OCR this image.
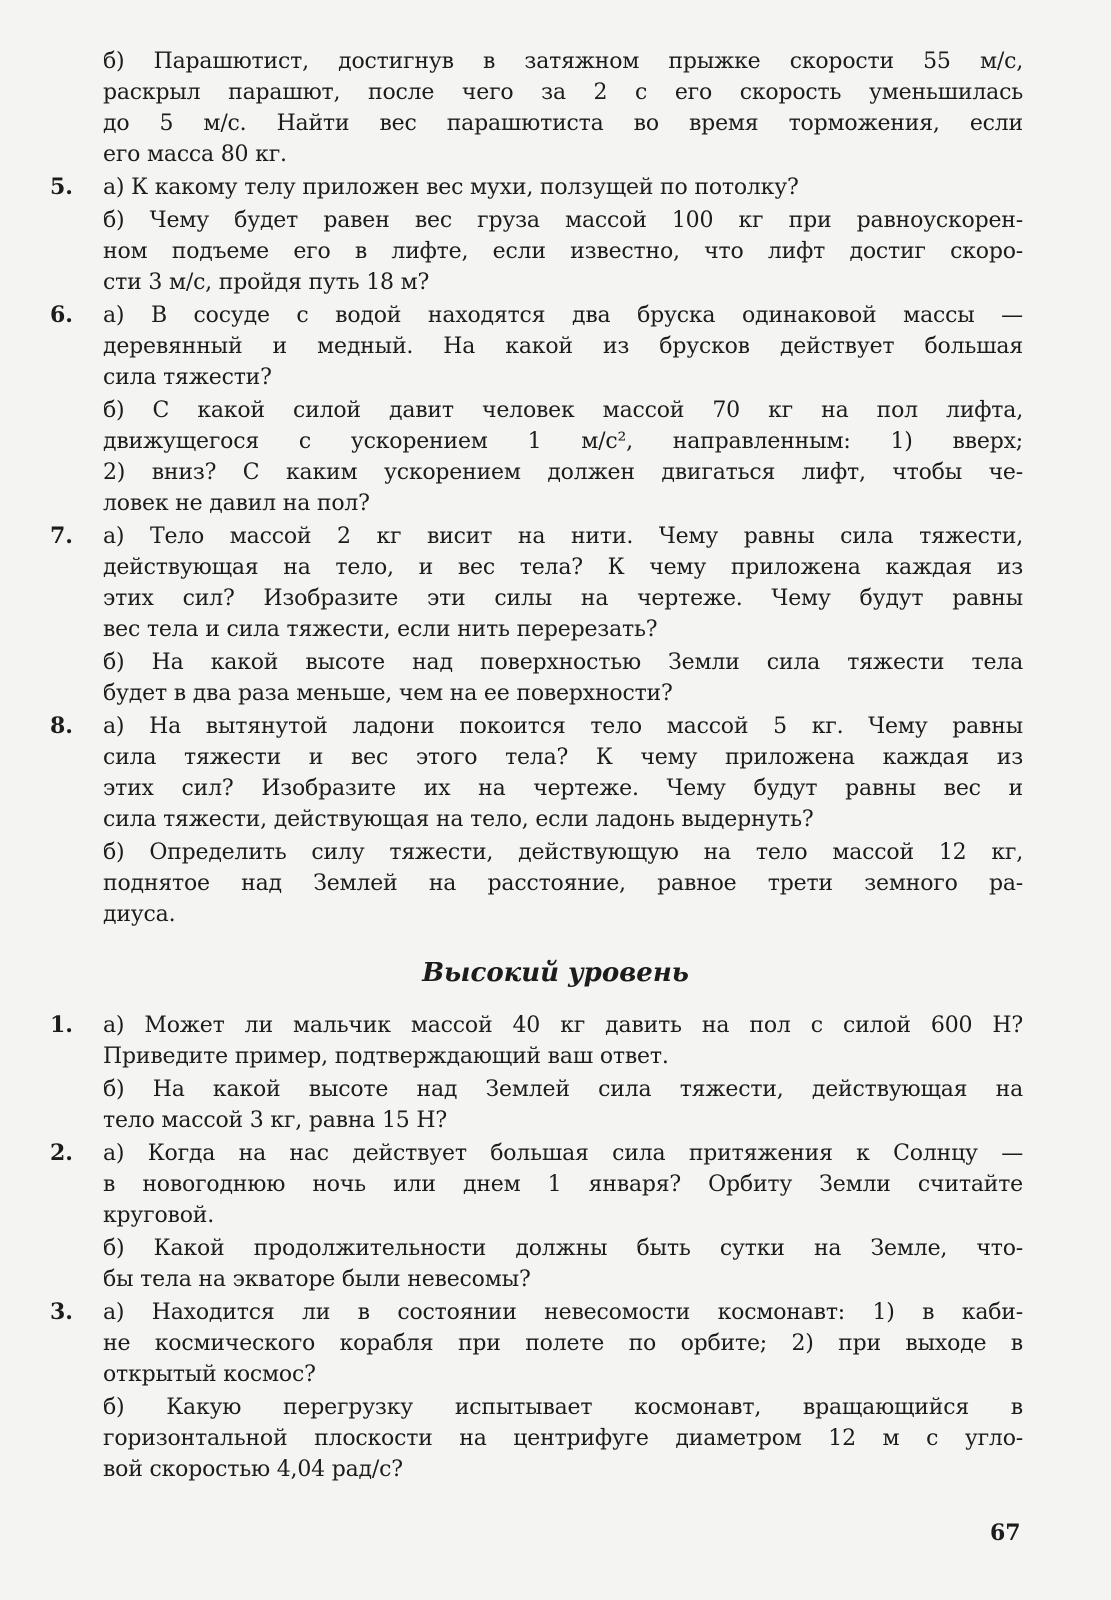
б) Парашютист, достигнув в затяжном прыжке скорости 55 м/с,
раскрыл парашют, после чего за 2 с его скорость уменьшилась
до 5 м/с. Найти вес парашютиста во время торможения, если
его масса 80 кг.
5. а) К какому телу приложен вес мухи, ползущей по потолку?
б) Чему будет равен вес груза массой 100 кг при равноускорен-
ном подъеме его в лифте, если известно, что лифт достиг скоро-
сти 3 м/с, пройдя путь 18 м?
6. а) В сосуде с водой находятся два бруска одинаковой массы —
деревянный и медный. На какой из брусков действует большая
сила тяжести?
б) С какой силой давит человек массой 70 кг на пол лифта,
движущегося с ускорением 1 м/с², направленным: 1) вверх;
2) вниз? С каким ускорением должен двигаться лифт, чтобы че-
ловек не давил на пол?
7. а) Тело массой 2 кг висит на нити. Чему равны сила тяжести,
действующая на тело, и вес тела? К чему приложена каждая из
этих сил? Изобразите эти силы на чертеже. Чему будут равны
вес тела и сила тяжести, если нить перерезать?
б) На какой высоте над поверхностью Земли сила тяжести тела
будет в два раза меньше, чем на ее поверхности?
8. а) На вытянутой ладони покоится тело массой 5 кг. Чему равны
сила тяжести и вес этого тела? К чему приложена каждая из
этих сил? Изобразите их на чертеже. Чему будут равны вес и
сила тяжести, действующая на тело, если ладонь выдернуть?
б) Определить силу тяжести, действующую на тело массой 12 кг,
поднятое над Землей на расстояние, равное трети земного ра-
диуса.
Высокий уровень
1. а) Может ли мальчик массой 40 кг давить на пол с силой 600 Н?
Приведите пример, подтверждающий ваш ответ.
б) На какой высоте над Землей сила тяжести, действующая на
тело массой 3 кг, равна 15 Н?
2. а) Когда на нас действует большая сила притяжения к Солнцу —
в новогоднюю ночь или днем 1 января? Орбиту Земли считайте
круговой.
б) Какой продолжительности должны быть сутки на Земле, что-
бы тела на экваторе были невесомы?
3. а) Находится ли в состоянии невесомости космонавт: 1) в каби-
не космического корабля при полете по орбите; 2) при выходе в
открытый космос?
б) Какую перегрузку испытывает космонавт, вращающийся в
горизонтальной плоскости на центрифуге диаметром 12 м с угло-
вой скоростью 4,04 рад/с?
67
